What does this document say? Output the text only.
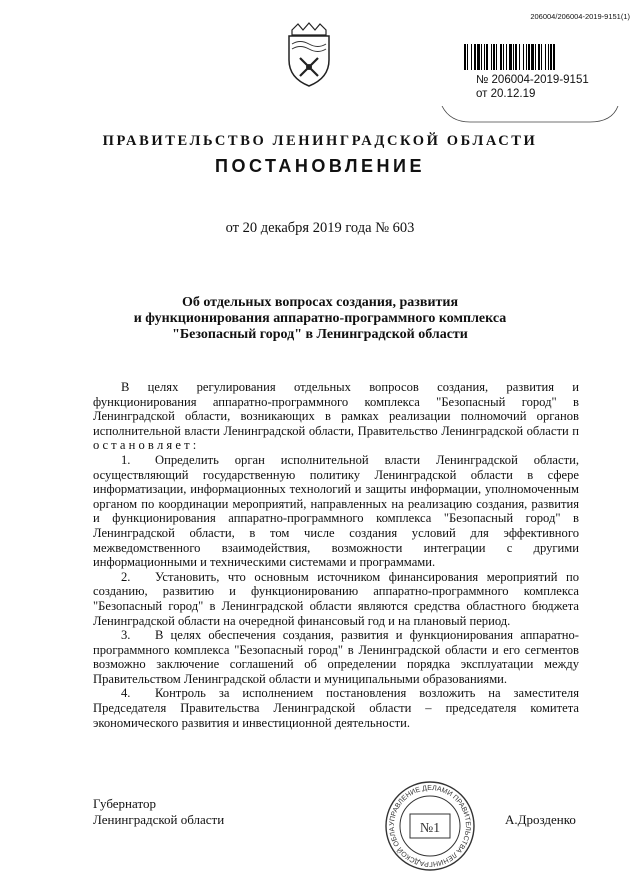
206004/206004-2019-9151(1)
№ 206004-2019-9151
от 20.12.19
ПРАВИТЕЛЬСТВО ЛЕНИНГРАДСКОЙ ОБЛАСТИ
ПОСТАНОВЛЕНИЕ
от 20 декабря 2019 года № 603
Об отдельных вопросах создания, развития
и функционирования аппаратно-программного комплекса
"Безопасный город" в Ленинградской области

В целях регулирования отдельных вопросов создания, развития и функционирования аппаратно-программного комплекса "Безопасный город" в Ленинградской области, возникающих в рамках реализации полномочий органов исполнительной власти Ленинградской области, Правительство Ленинградской области п о с т а н о в л я е т :

1. Определить орган исполнительной власти Ленинградской области, осуществляющий государственную политику Ленинградской области в сфере информатизации, информационных технологий и защиты информации, уполномоченным органом по координации мероприятий, направленных на реализацию создания, развития и функционирования аппаратно-программного комплекса "Безопасный город" в Ленинградской области, в том числе создания условий для эффективного межведомственного взаимодействия, возможности интеграции с другими информационными и техническими системами и программами.

2. Установить, что основным источником финансирования мероприятий по созданию, развитию и функционированию аппаратно-программного комплекса "Безопасный город" в Ленинградской области являются средства областного бюджета Ленинградской области на очередной финансовый год и на плановый период.

3. В целях обеспечения создания, развития и функционирования аппаратно-программного комплекса "Безопасный город" в Ленинградской области и его сегментов возможно заключение соглашений об определении порядка эксплуатации между Правительством Ленинградской области и муниципальными образованиями.

4. Контроль за исполнением постановления возложить на заместителя Председателя Правительства Ленинградской области – председателя комитета экономического развития и инвестиционной деятельности.

Губернатор
Ленинградской области	УПРАВЛЕНИЕ ДЕЛАМИ ПРАВИТЕЛЬСТВА ЛЕНИНГРАДСКОЙ ОБЛА	№1
А.Дрозденко
